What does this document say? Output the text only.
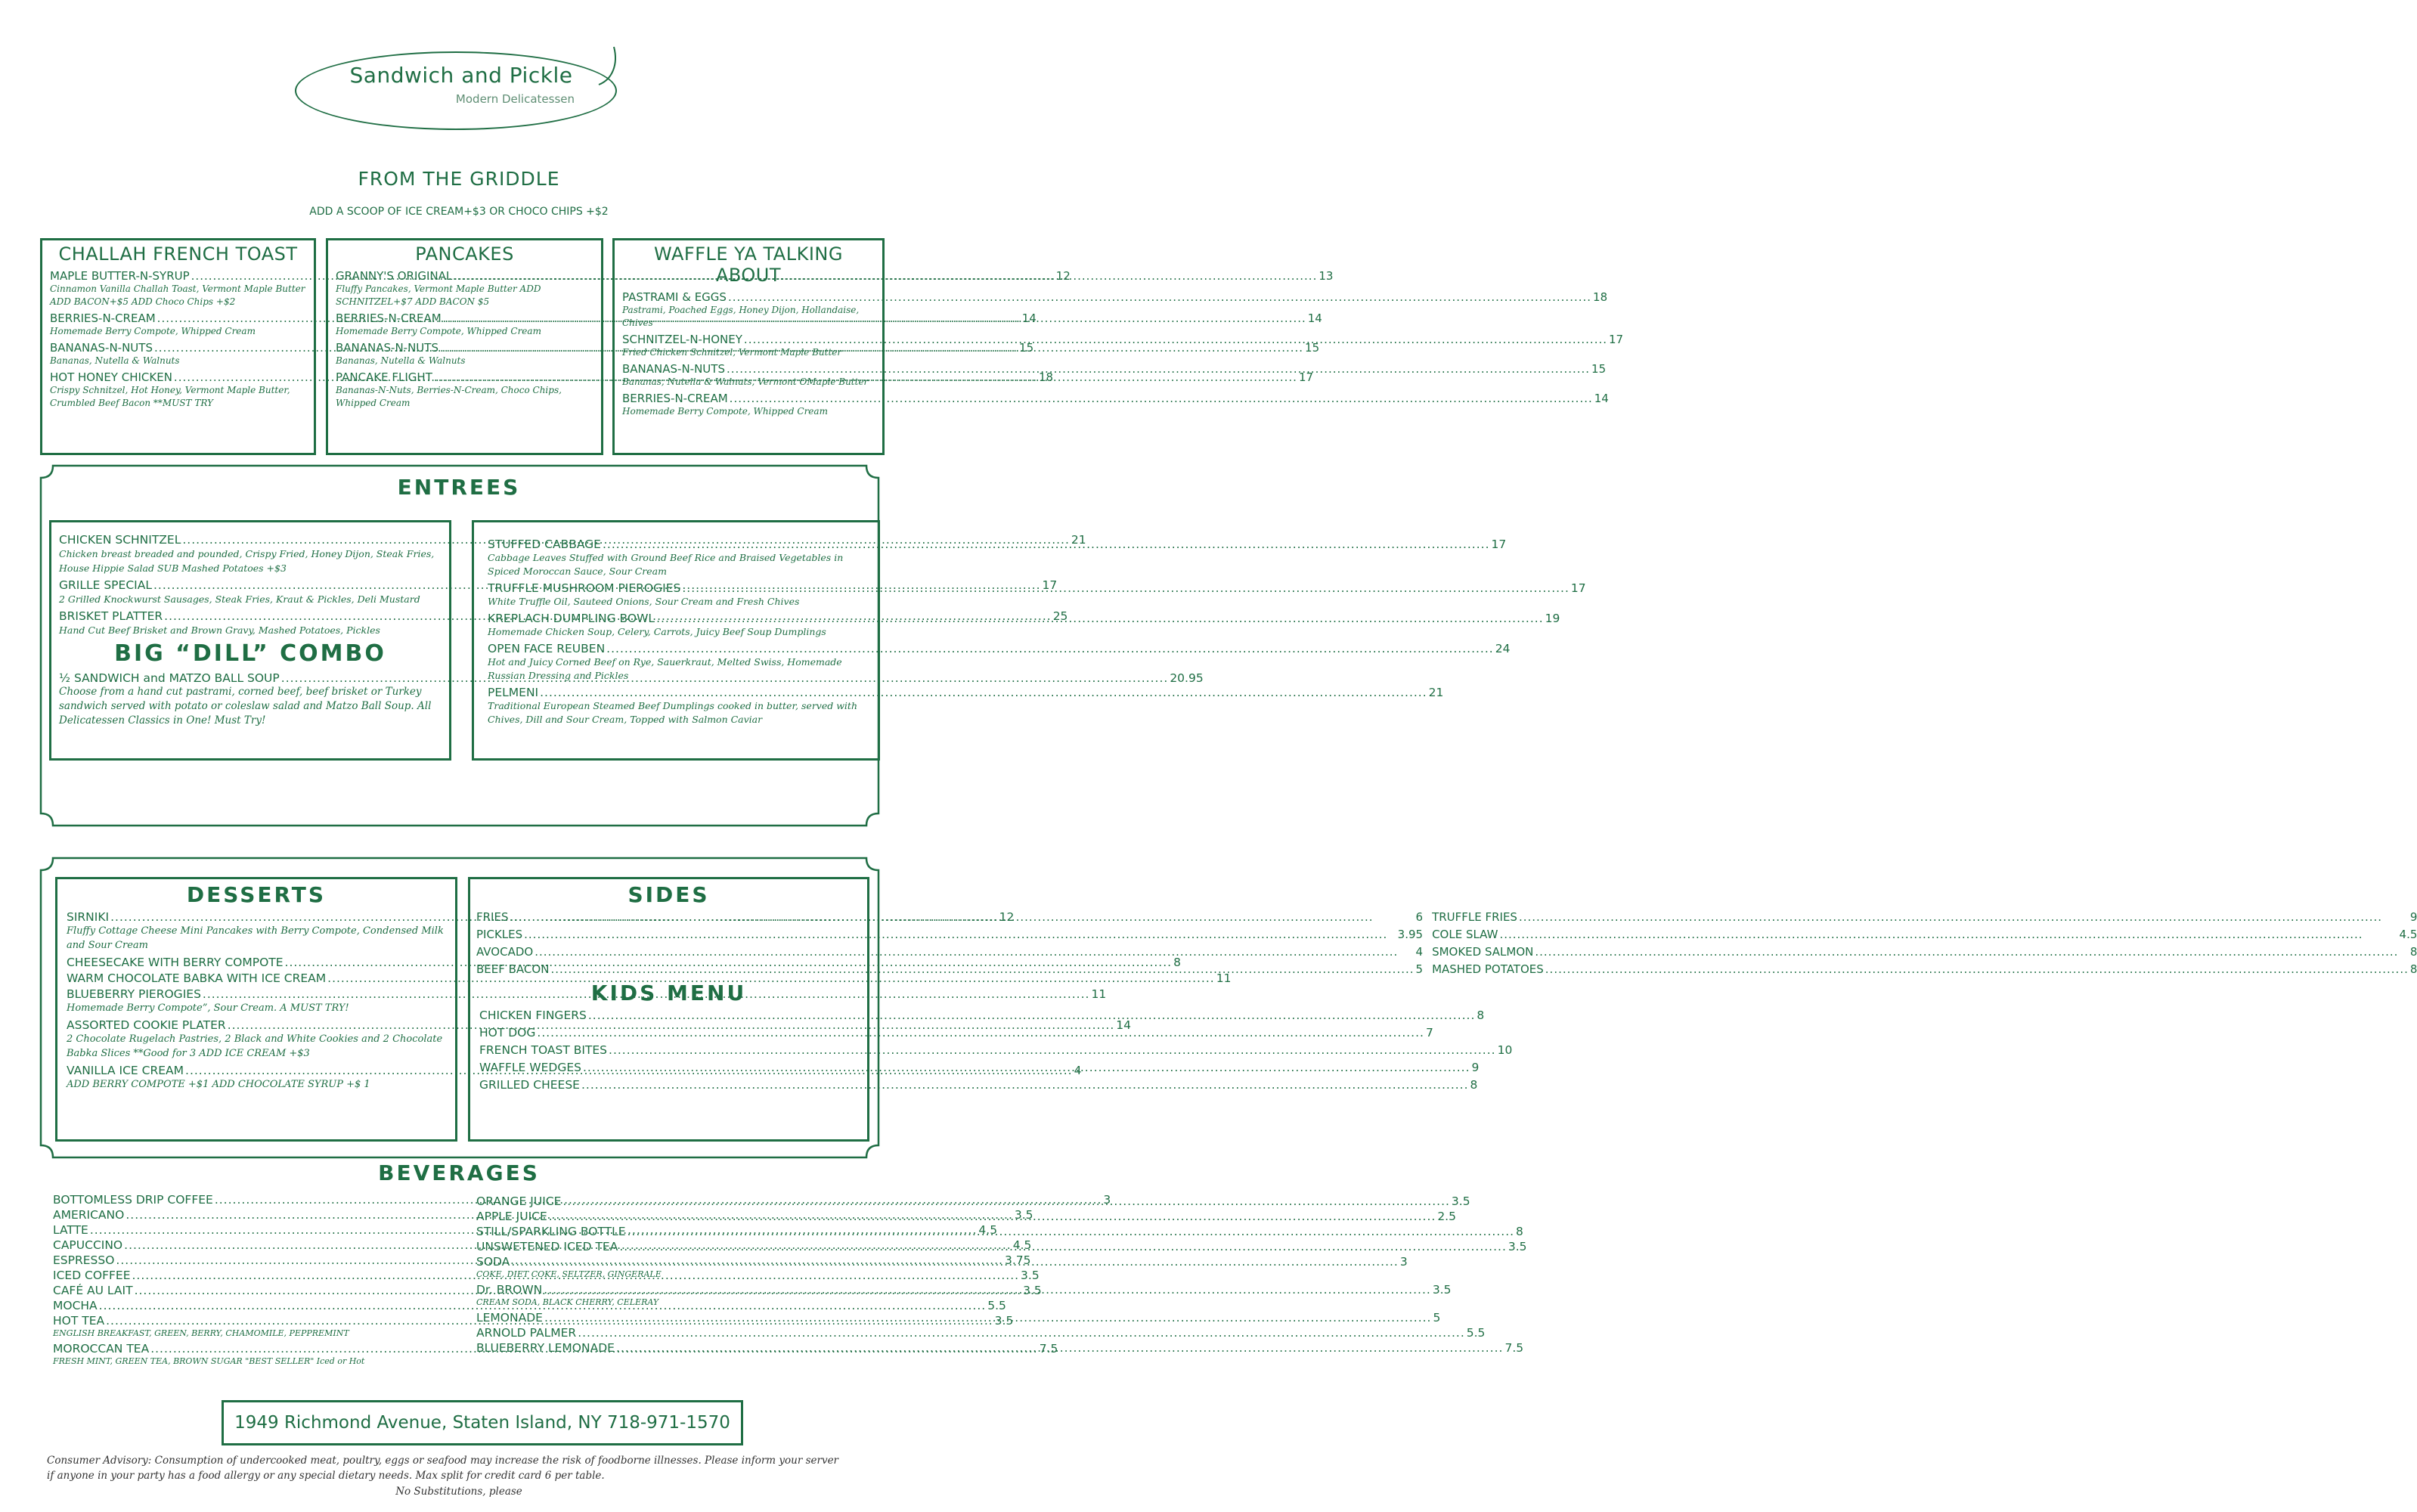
Sandwich and Pickle
Modern Delicatessen
FROM THE GRIDDLE
ADD A SCOOP OF ICE CREAM+$3 OR CHOCO CHIPS +$2
CHALLAH FRENCH TOAST
MAPLE BUTTER-N-SYRUP .....	12
Cinnamon Vanilla Challah Toast, Vermont Maple Butter ADD BACON+$5 ADD Choco Chips +$2
BERRIES-N-CREAM .....	14
Homemade Berry Compote, Whipped Cream
BANANAS-N-NUTS .....	15
Bananas, Nutella & Walnuts
HOT HONEY CHICKEN .....	18
Crispy Schnitzel, Hot Honey, Vermont Maple Butter, Crumbled Beef Bacon **MUST TRY
PANCAKES
GRANNY'S ORIGINAL .....	13
Fluffy Pancakes, Vermont Maple Butter ADD SCHNITZEL+$7 ADD BACON $5
BERRIES-N-CREAM .....	14
Homemade Berry Compote, Whipped Cream
BANANAS-N-NUTS .....	15
Bananas, Nutella & Walnuts
PANCAKE FLIGHT .....	17
Bananas-N-Nuts, Berries-N-Cream, Choco Chips, Whipped Cream
WAFFLE YA TALKING ABOUT
PASTRAMI & EGGS .....	18
Pastrami, Poached Eggs, Honey Dijon, Hollandaise, Chives
SCHNITZEL-N-HONEY .....	17
Fried Chicken Schnitzel, Vermont Maple Butter
BANANAS-N-NUTS .....	15
Bananas, Nutella & Walnuts, Vermont OMaple Butter
BERRIES-N-CREAM .....	14
Homemade Berry Compote, Whipped Cream
ENTREES
CHICKEN SCHNITZEL .....	21
Chicken breast breaded and pounded, Crispy Fried, Honey Dijon, Steak Fries, House Hippie Salad SUB Mashed Potatoes +$3
GRILLE SPECIAL .....	17
2 Grilled Knockwurst Sausages, Steak Fries, Kraut & Pickles, Deli Mustard
BRISKET PLATTER .....	25
Hand Cut Beef Brisket and Brown Gravy, Mashed Potatoes, Pickles
BIG “DILL” COMBO
½ SANDWICH and MATZO BALL SOUP .....	20.95
Choose from a hand cut pastrami, corned beef, beef brisket or Turkey sandwich served with potato or coleslaw salad and Matzo Ball Soup. All Delicatessen Classics in One! Must Try!
STUFFED CABBAGE .....	17
Cabbage Leaves Stuffed with Ground Beef Rice and Braised Vegetables in Spiced Moroccan Sauce, Sour Cream
TRUFFLE MUSHROOM PIEROGIES .....	17
White Truffle Oil, Sauteed Onions, Sour Cream and Fresh Chives
KREPLACH DUMPLING BOWL .....	19
Homemade Chicken Soup, Celery, Carrots, Juicy Beef Soup Dumplings
OPEN FACE REUBEN .....	24
Hot and Juicy Corned Beef on Rye, Sauerkraut, Melted Swiss, Homemade Russian Dressing and Pickles
PELMENI .....	21
Traditional European Steamed Beef Dumplings cooked in butter, served with Chives, Dill and Sour Cream, Topped with Salmon Caviar
DESSERTS
SIRNIKI .....	12
Fluffy Cottage Cheese Mini Pancakes with Berry Compote, Condensed Milk and Sour Cream
CHEESECAKE WITH BERRY COMPOTE .....	8
WARM CHOCOLATE BABKA WITH ICE CREAM .....	11
BLUEBERRY PIEROGIES .....	11
Homemade Berry Compote”, Sour Cream. A MUST TRY!
ASSORTED COOKIE PLATER .....	14
2 Chocolate Rugelach Pastries, 2 Black and White Cookies and 2 Chocolate Babka Slices **Good for 3 ADD ICE CREAM +$3
VANILLA ICE CREAM .....	4
ADD BERRY COMPOTE +$1 ADD CHOCOLATE SYRUP +$ 1
SIDES
FRIES .....	6 TRUFFLE FRIES .....	9
PICKLES .....	3.95 COLE SLAW .....	4.5
AVOCADO .....	4 SMOKED SALMON .....	8
BEEF BACON .....	5 MASHED POTATOES .....	8
KIDS MENU
CHICKEN FINGERS .....	8
HOT DOG .....	7
FRENCH TOAST BITES .....	10
WAFFLE WEDGES .....	9
GRILLED CHEESE .....	8
BEVERAGES
BOTTOMLESS DRIP COFFEE .....	3
AMERICANO .....	3.5
LATTE .....	4.5
CAPUCCINO .....	4.5
ESPRESSO .....	3.75
ICED COFFEE .....	3.5
CAFÉ AU LAIT .....	3.5
MOCHA .....	5.5
HOT TEA .....	3.5
ENGLISH BREAKFAST, GREEN, BERRY, CHAMOMILE, PEPPREMINT
MOROCCAN TEA .....	7.5
FRESH MINT, GREEN TEA, BROWN SUGAR "BEST SELLER" Iced or Hot
ORANGE JUICE .....	3.5
APPLE JUICE .....	2.5
STILL/SPARKLING BOTTLE .....	8
UNSWETENED ICED TEA .....	3.5
SODA .....	3
COKE, DIET COKE, SELTZER, GINGERALE
Dr. BROWN .....	3.5
CREAM SODA, BLACK CHERRY, CELERAY
LEMONADE .....	5
ARNOLD PALMER .....	5.5
BLUEBERRY LEMONADE .....	7.5
1949 Richmond Avenue, Staten Island, NY 718-971-1570
Consumer Advisory: Consumption of undercooked meat, poultry, eggs or seafood may increase the risk of foodborne illnesses. Please inform your server if anyone in your party has a food allergy or any special dietary needs. Max split for credit card 6 per table.
No Substitutions, please
